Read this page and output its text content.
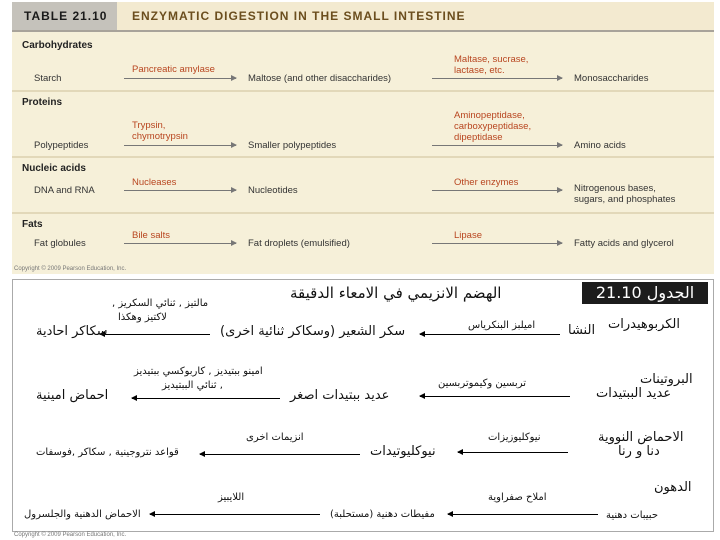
TABLE 21.10	ENZYMATIC DIGESTION IN THE SMALL INTESTINE
Carbohydrates
Starch
Pancreatic amylase
Maltose (and other disaccharides)
Maltase, sucrase,
lactase, etc.
Monosaccharides
Proteins
Polypeptides
Trypsin,
chymotrypsin
Smaller polypeptides
Aminopeptidase,
carboxypeptidase,
dipeptidase
Amino acids
Nucleic acids
DNA and RNA
Nucleases
Nucleotides
Other enzymes
Nitrogenous bases,
sugars, and phosphates
Fats
Fat globules
Bile salts
Fat droplets (emulsified)
Lipase
Fatty acids and glycerol
Copyright © 2009 Pearson Education, Inc.
الجدول 21.10
الهضم الانزيمي في الامعاء الدقيقة
الكربوهيدرات
النشا
اميلبز البنكرياس
سكر الشعير (وسكاكر ثنائية اخرى)
مالتيز , ثنائي السكريز ,
لاكتيز وهكذا
سكاكر احادية
البروتينات
عديد الببتيدات
تربسين وكيموتربسين
عديد ببتيدات اصغر
امينو ببتيديز , كاربوكسي ببتيديز
, ثنائي الببتيديز
احماض امينية
الاحماض النووية
دنا و رنا
نيوكليوزيزات
نيوكليوتيدات
انزيمات اخرى
قواعد نتروجينية , سكاكر ,فوسفات
الدهون
حبيبات دهنية
املاح صفراوية
مفيطات دهنية (مستحلبة)
اللايبيز
الاحماض الدهنية والجلسرول
Copyright © 2009 Pearson Education, Inc.
